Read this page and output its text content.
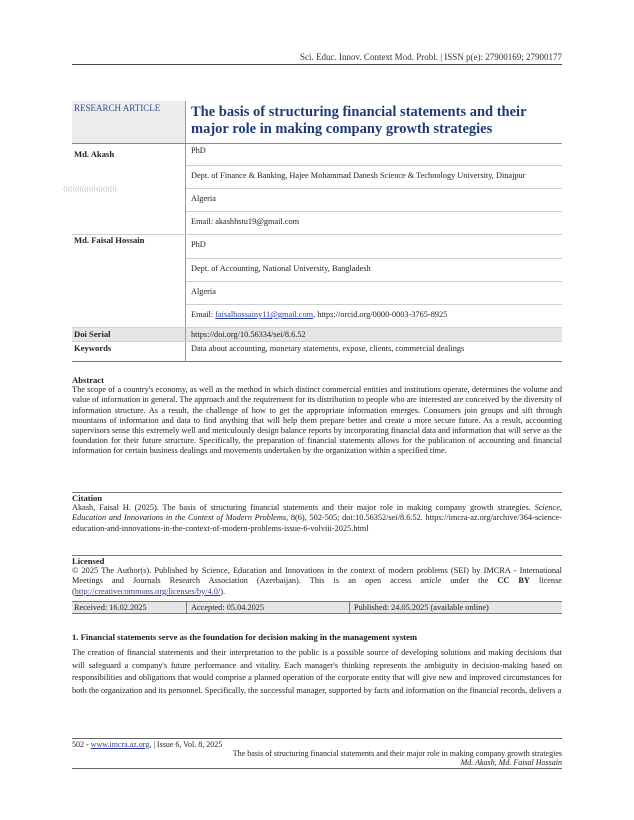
Sci. Educ. Innov. Context Mod. Probl. | ISSN p(e): 27900169; 27900177
⟨⟨⟨⟨⟨⟨⟨⟨⟨⟨⟨⟨⟨⟨⟨⟨⟨⟨⟨⟨⟨⟨⟨
RESEARCH ARTICLE	The basis of structuring financial statements and their major role in making company growth strategies
Md. Akash	PhD
	Dept. of Finance & Banking, Hajee Mohammad Danesh Science & Technology University, Dinajpur
	Algeria
	Email: akashhstu19@gmail.com
Md. Faisal Hossain	PhD
	Dept. of Accounting, National University, Bangladesh
	Algeria
	Email: faisalhossainy11@gmail.com, https://orcid.org/0000-0003-3765-8925
Doi Serial	https://doi.org/10.56334/sei/8.6.52
Keywords	Data about accounting, monetary statements, expose, clients, commercial dealings
Abstract
The scope of a country's economy, as well as the method in which distinct commercial entities and institutions operate, determines the volume and value of information in general. The approach and the requirement for its distribution to people who are interested are conceived by the diversity of information structure. As a result, the challenge of how to get the appropriate information emerges. Consumers join groups and sift through mountains of information and data to find anything that will help them prepare better and create a more secure future. As a result, accounting supervisors sense this extremely well and meticulously design balance reports by incorporating financial data and information that will serve as the foundation for their future structure. Specifically, the preparation of financial statements allows for the publication of accounting and financial information for certain business dealings and movements undertaken by the organization within a specified time.
Citation
Akash, Faisal H. (2025). The basis of structuring financial statements and their major role in making company growth strategies. Science, Education and Innovations in the Context of Modern Problems, 8(6), 502-505; doi:10.56352/sei/8.6.52. https://imcra-az.org/archive/364-science-education-and-innovations-in-the-context-of-modern-problems-issue-6-volviii-2025.html
Licensed
© 2025 The Author(s). Published by Science, Education and Innovations in the context of modern problems (SEI) by IMCRA - International Meetings and Journals Research Association (Azerbaijan). This is an open access article under the CC BY license (http://creativecommons.org/licenses/by/4.0/).
Received: 16.02.2025	Accepted: 05.04.2025	Published: 24.05.2025 (available online)
1. Financial statements serve as the foundation for decision making in the management system
The creation of financial statements and their interpretation to the public is a possible source of developing solutions and making decisions that will safeguard a company's future performance and vitality. Each manager's thinking represents the ambiguity in decision-making based on responsibilities and obligations that would comprise a planned operation of the corporate entity that will give new and improved circumstances for both the organization and its personnel. Specifically, the successful manager, supported by facts and information on the financial records, delivers a
502 - www.imcra.az.org, | Issue 6, Vol. 8, 2025
The basis of structuring financial statements and their major role in making company growth strategies
Md. Akash, Md. Faisal Hossain
